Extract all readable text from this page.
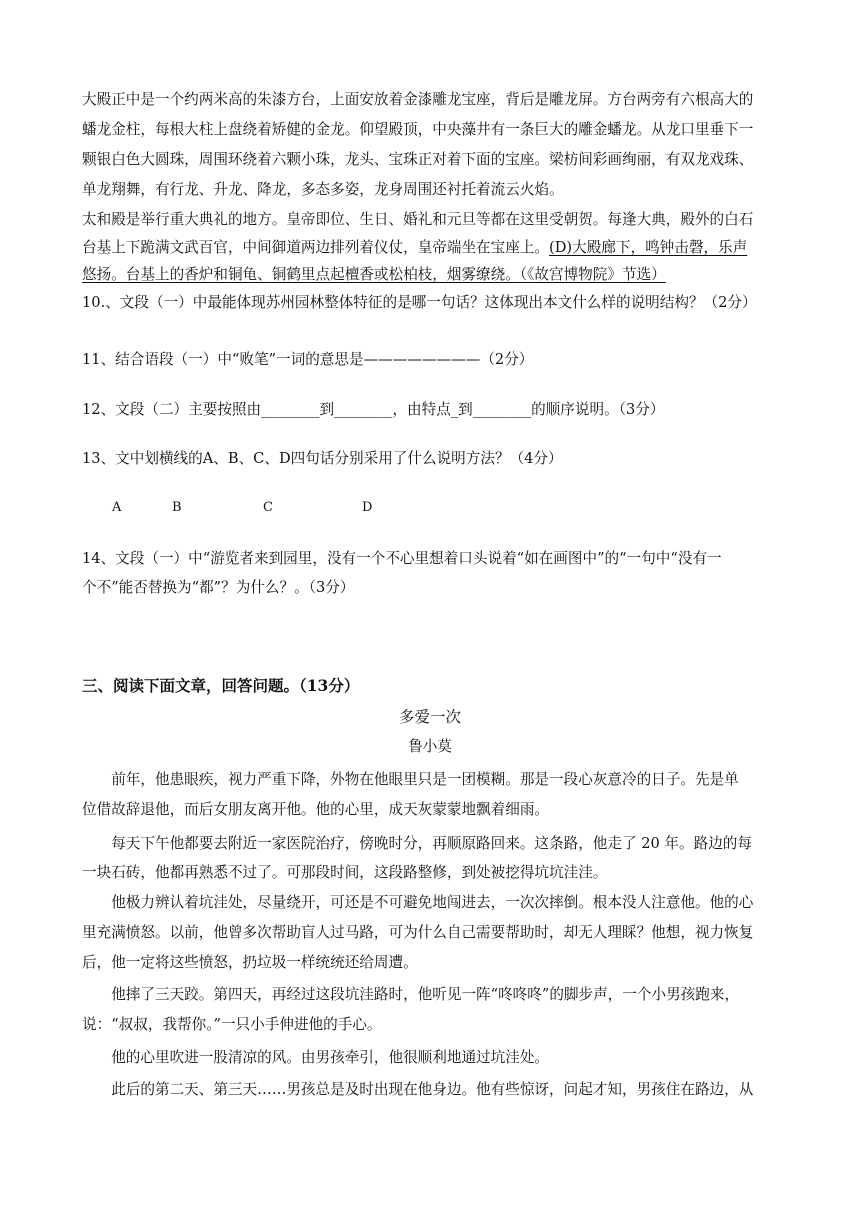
大殿正中是一个约两米高的朱漆方台，上面安放着金漆雕龙宝座，背后是雕龙屏。方台两旁有六根高大的
蟠龙金柱，每根大柱上盘绕着矫健的金龙。仰望殿顶，中央藻井有一条巨大的雕金蟠龙。从龙口里垂下一
颗银白色大圆珠，周围环绕着六颗小珠，龙头、宝珠正对着下面的宝座。梁枋间彩画绚丽，有双龙戏珠、
单龙翔舞，有行龙、升龙、降龙，多态多姿，龙身周围还衬托着流云火焰。
太和殿是举行重大典礼的地方。皇帝即位、生日、婚礼和元旦等都在这里受朝贺。每逢大典，殿外的白石
台基上下跪满文武百官，中间御道两边排列着仪仗，皇帝端坐在宝座上。(D)大殿廊下，鸣钟击磬，乐声
悠扬。台基上的香炉和铜龟、铜鹤里点起檀香或松柏枝，烟雾缭绕。（《故宫博物院》节选）
10.、文段（一）中最能体现苏州园林整体特征的是哪一句话？这体现出本文什么样的说明结构？（2分）
11、结合语段（一）中“败笔”一词的意思是————————（2分）
12、文段（二）主要按照由________到________，由特点_到________的顺序说明。（3分）
13、文中划横线的A、B、C、D四句话分别采用了什么说明方法？（4分）
A	B	C	D
14、文段（一）中“游览者来到园里，没有一个不心里想着口头说着“如在画图中”的“一句中“没有一
个不”能否替换为“都”？为什么？。（3分）
三、阅读下面文章，回答问题。（13分）
多爱一次
鲁小莫
　　前年，他患眼疾，视力严重下降，外物在他眼里只是一团模糊。那是一段心灰意冷的日子。先是单
位借故辞退他，而后女朋友离开他。他的心里，成天灰蒙蒙地飘着细雨。
　　每天下午他都要去附近一家医院治疗，傍晚时分，再顺原路回来。这条路，他走了 20 年。路边的每
一块石砖，他都再熟悉不过了。可那段时间，这段路整修，到处被挖得坑坑洼洼。
　　他极力辨认着坑洼处，尽量绕开，可还是不可避免地闯进去，一次次摔倒。根本没人注意他。他的心
里充满愤怒。以前，他曾多次帮助盲人过马路，可为什么自己需要帮助时，却无人理睬？他想，视力恢复
后，他一定将这些愤怒，扔垃圾一样统统还给周遭。
　　他摔了三天跤。第四天，再经过这段坑洼路时，他听见一阵“咚咚咚”的脚步声，一个小男孩跑来，
说：“叔叔，我帮你。”一只小手伸进他的手心。
　　他的心里吹进一股清凉的风。由男孩牵引，他很顺利地通过坑洼处。
　　此后的第二天、第三天……男孩总是及时出现在他身边。他有些惊讶，问起才知，男孩住在路边，从
